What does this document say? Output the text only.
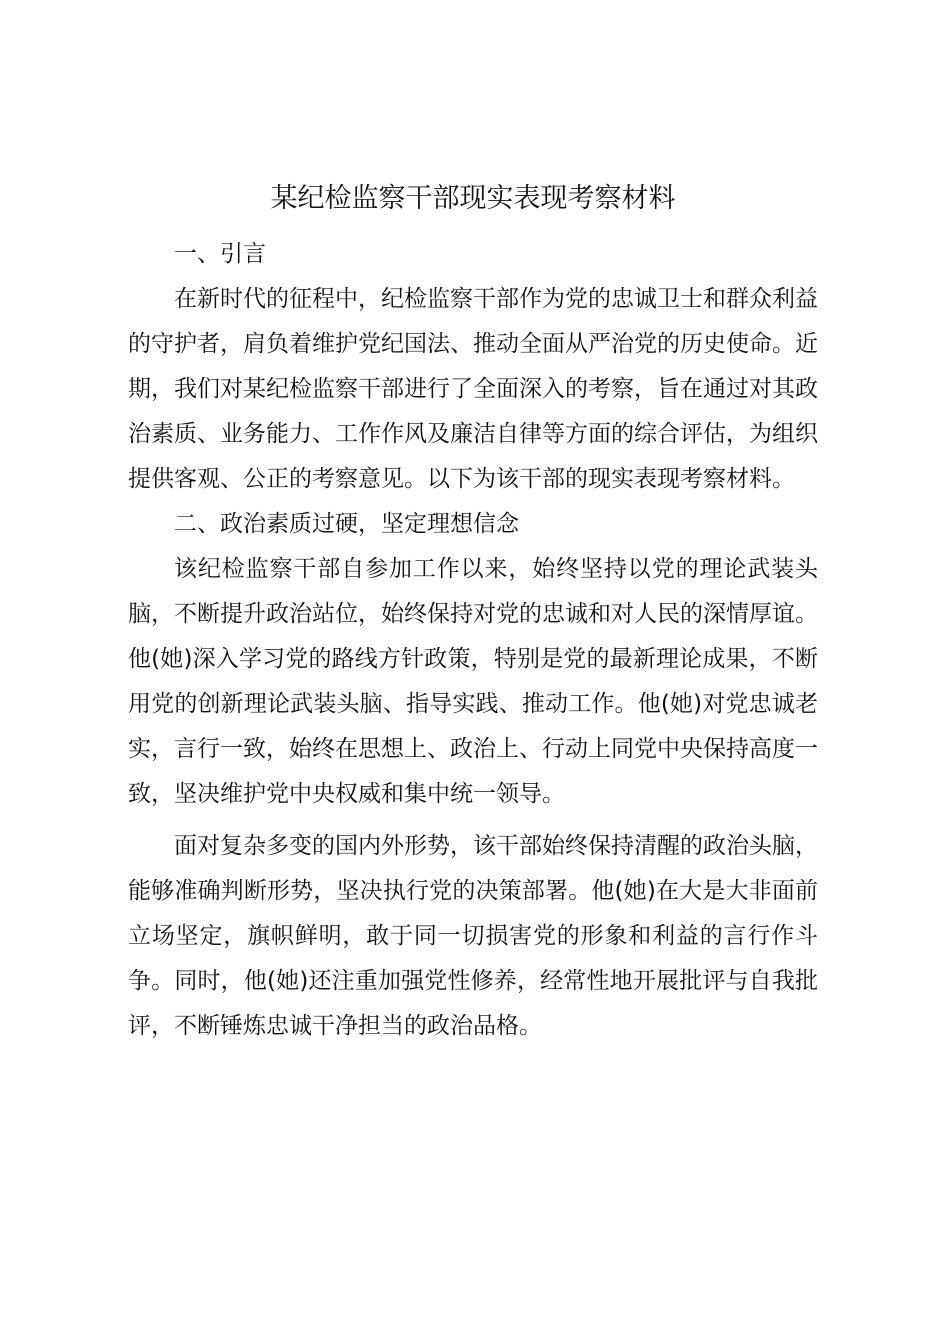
某纪检监察干部现实表现考察材料
一、引言

在新时代的征程中，纪检监察干部作为党的忠诚卫士和群众利益的守护者，肩负着维护党纪国法、推动全面从严治党的历史使命。近期，我们对某纪检监察干部进行了全面深入的考察，旨在通过对其政治素质、业务能力、工作作风及廉洁自律等方面的综合评估，为组织提供客观、公正的考察意见。以下为该干部的现实表现考察材料。

二、政治素质过硬，坚定理想信念

该纪检监察干部自参加工作以来，始终坚持以党的理论武装头脑，不断提升政治站位，始终保持对党的忠诚和对人民的深情厚谊。他(她)深入学习党的路线方针政策，特别是党的最新理论成果，不断用党的创新理论武装头脑、指导实践、推动工作。他(她)对党忠诚老实，言行一致，始终在思想上、政治上、行动上同党中央保持高度一致，坚决维护党中央权威和集中统一领导。

面对复杂多变的国内外形势，该干部始终保持清醒的政治头脑，能够准确判断形势，坚决执行党的决策部署。他(她)在大是大非面前立场坚定，旗帜鲜明，敢于同一切损害党的形象和利益的言行作斗争。同时，他(她)还注重加强党性修养，经常性地开展批评与自我批评，不断锤炼忠诚干净担当的政治品格。
